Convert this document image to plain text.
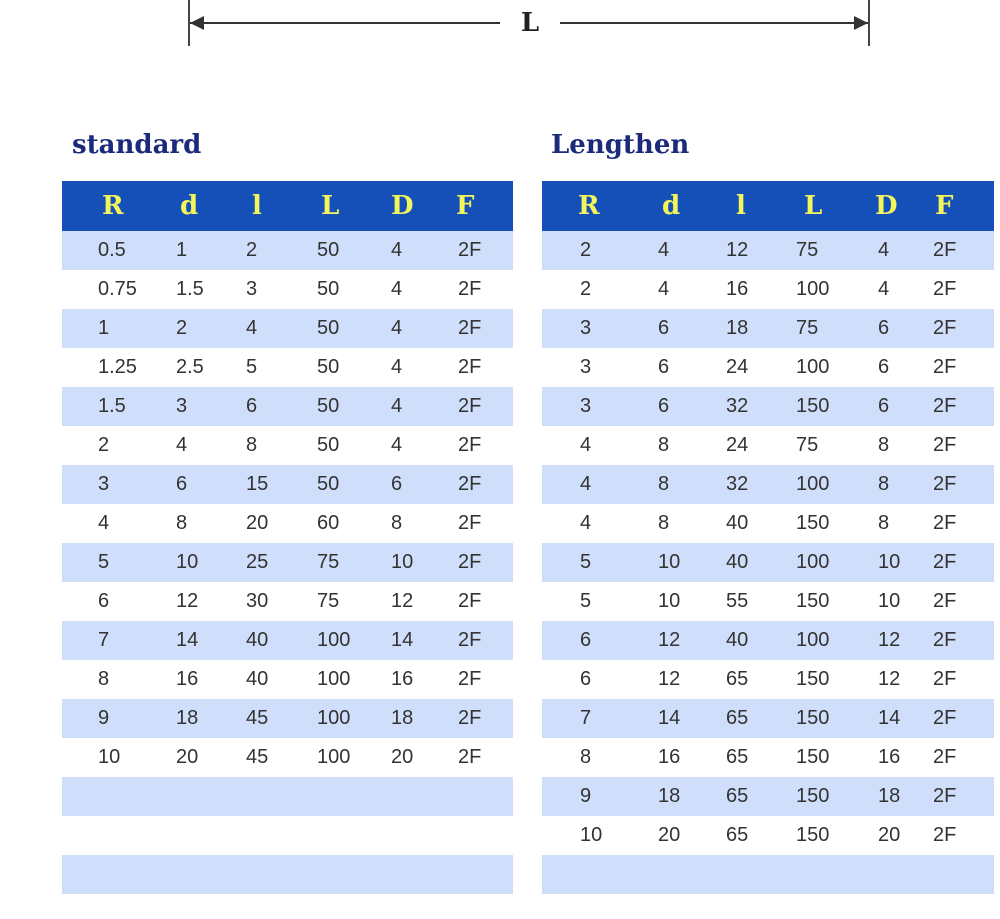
L
standard	Lengthen
R	d	l	L	D	F
0.5	1	2	50	4	2F
0.75	1.5	3	50	4	2F
1	2	4	50	4	2F
1.25	2.5	5	50	4	2F
1.5	3	6	50	4	2F
2	4	8	50	4	2F
3	6	15	50	6	2F
4	8	20	60	8	2F
5	10	25	75	10	2F
6	12	30	75	12	2F
7	14	40	100	14	2F
8	16	40	100	16	2F
9	18	45	100	18	2F
10	20	45	100	20	2F
R	d	l	L	D	F
2	4	12	75	4	2F
2	4	16	100	4	2F
3	6	18	75	6	2F
3	6	24	100	6	2F
3	6	32	150	6	2F
4	8	24	75	8	2F
4	8	32	100	8	2F
4	8	40	150	8	2F
5	10	40	100	10	2F
5	10	55	150	10	2F
6	12	40	100	12	2F
6	12	65	150	12	2F
7	14	65	150	14	2F
8	16	65	150	16	2F
9	18	65	150	18	2F
10	20	65	150	20	2F
